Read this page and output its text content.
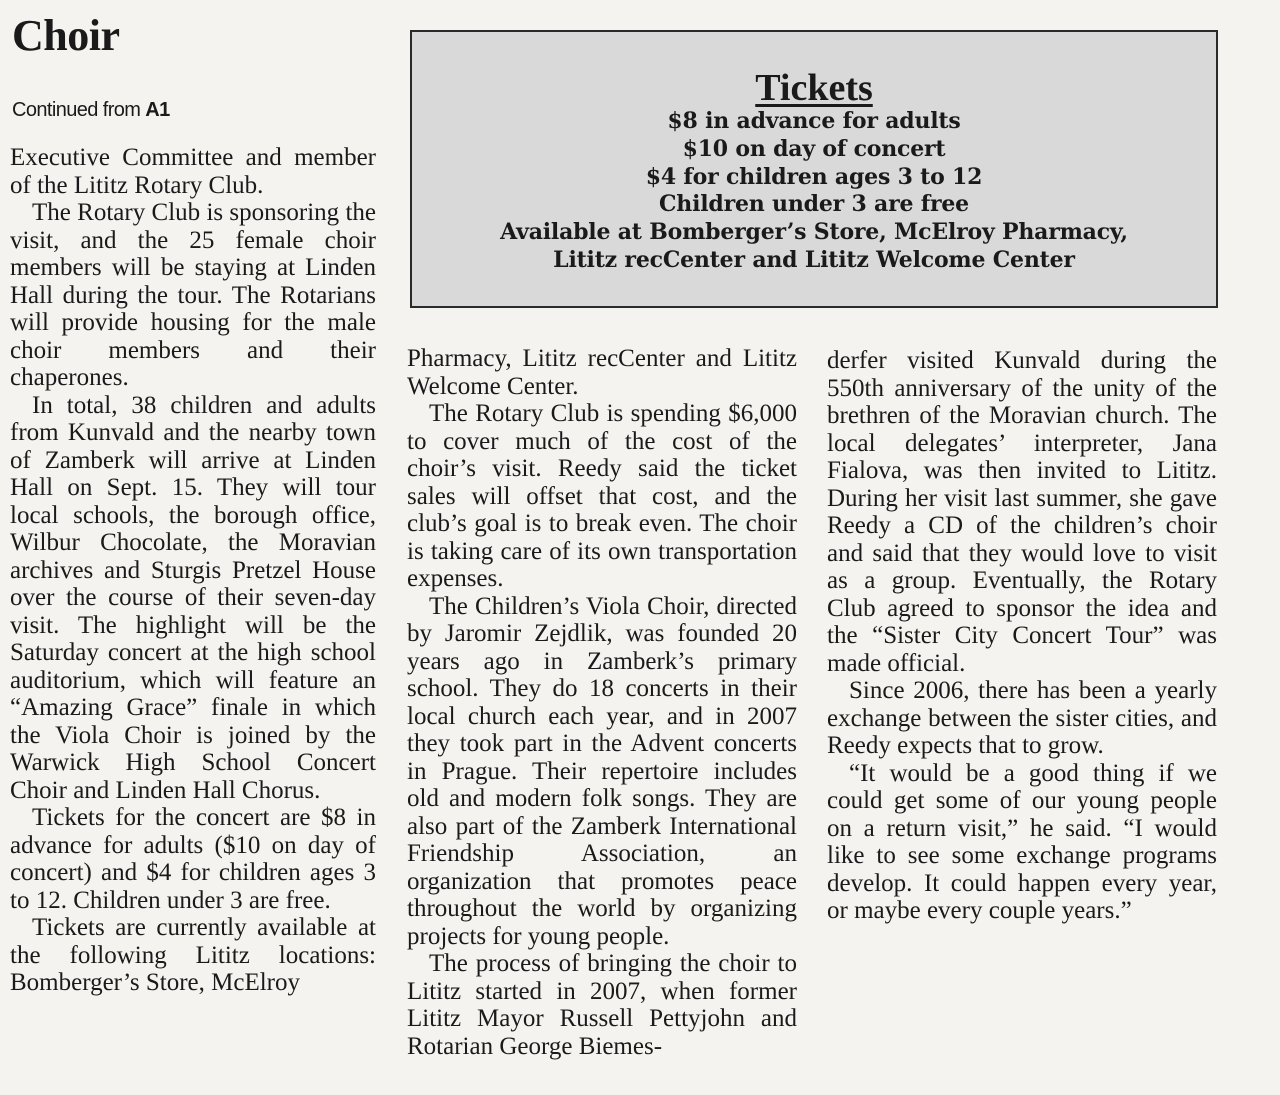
Choir
Continued from A1
Tickets
$8 in advance for adults
$10 on day of concert
$4 for children ages 3 to 12
Children under 3 are free
Available at Bomberger’s Store, McElroy Pharmacy,
Lititz recCenter and Lititz Welcome Center

Executive Committee and member of the Lititz Rotary Club.

The Rotary Club is sponsoring the visit, and the 25 female choir members will be staying at Linden Hall during the tour. The Rotarians will provide housing for the male choir members and their chaperones.

In total, 38 children and adults from Kunvald and the nearby town of Zamberk will arrive at Linden Hall on Sept. 15. They will tour local schools, the borough office, Wilbur Chocolate, the Moravian archives and Sturgis Pretzel House over the course of their seven-day visit. The highlight will be the Saturday concert at the high school auditorium, which will feature an “Amazing Grace” finale in which the Viola Choir is joined by the Warwick High School Concert Choir and Linden Hall Chorus.

Tickets for the concert are $8 in advance for adults ($10 on day of concert) and $4 for children ages 3 to 12. Children under 3 are free.

Tickets are currently available at the following Lititz locations: Bomberger’s Store, McElroy

Pharmacy, Lititz recCenter and Lititz Welcome Center.

The Rotary Club is spending $6,000 to cover much of the cost of the choir’s visit. Reedy said the ticket sales will offset that cost, and the club’s goal is to break even. The choir is taking care of its own transportation expenses.

The Children’s Viola Choir, directed by Jaromir Zejdlik, was founded 20 years ago in Zamberk’s primary school. They do 18 concerts in their local church each year, and in 2007 they took part in the Advent concerts in Prague. Their repertoire includes old and modern folk songs. They are also part of the Zamberk International Friendship Association, an organization that promotes peace throughout the world by organizing projects for young people.

The process of bringing the choir to Lititz started in 2007, when former Lititz Mayor Russell Pettyjohn and Rotarian George Biemes-

derfer visited Kunvald during the 550th anniversary of the unity of the brethren of the Moravian church. The local delegates’ interpreter, Jana Fialova, was then invited to Lititz. During her visit last summer, she gave Reedy a CD of the children’s choir and said that they would love to visit as a group. Eventually, the Rotary Club agreed to sponsor the idea and the “Sister City Concert Tour” was made official.

Since 2006, there has been a yearly exchange between the sister cities, and Reedy expects that to grow.

“It would be a good thing if we could get some of our young people on a return visit,” he said. “I would like to see some exchange programs develop. It could happen every year, or maybe every couple years.”
